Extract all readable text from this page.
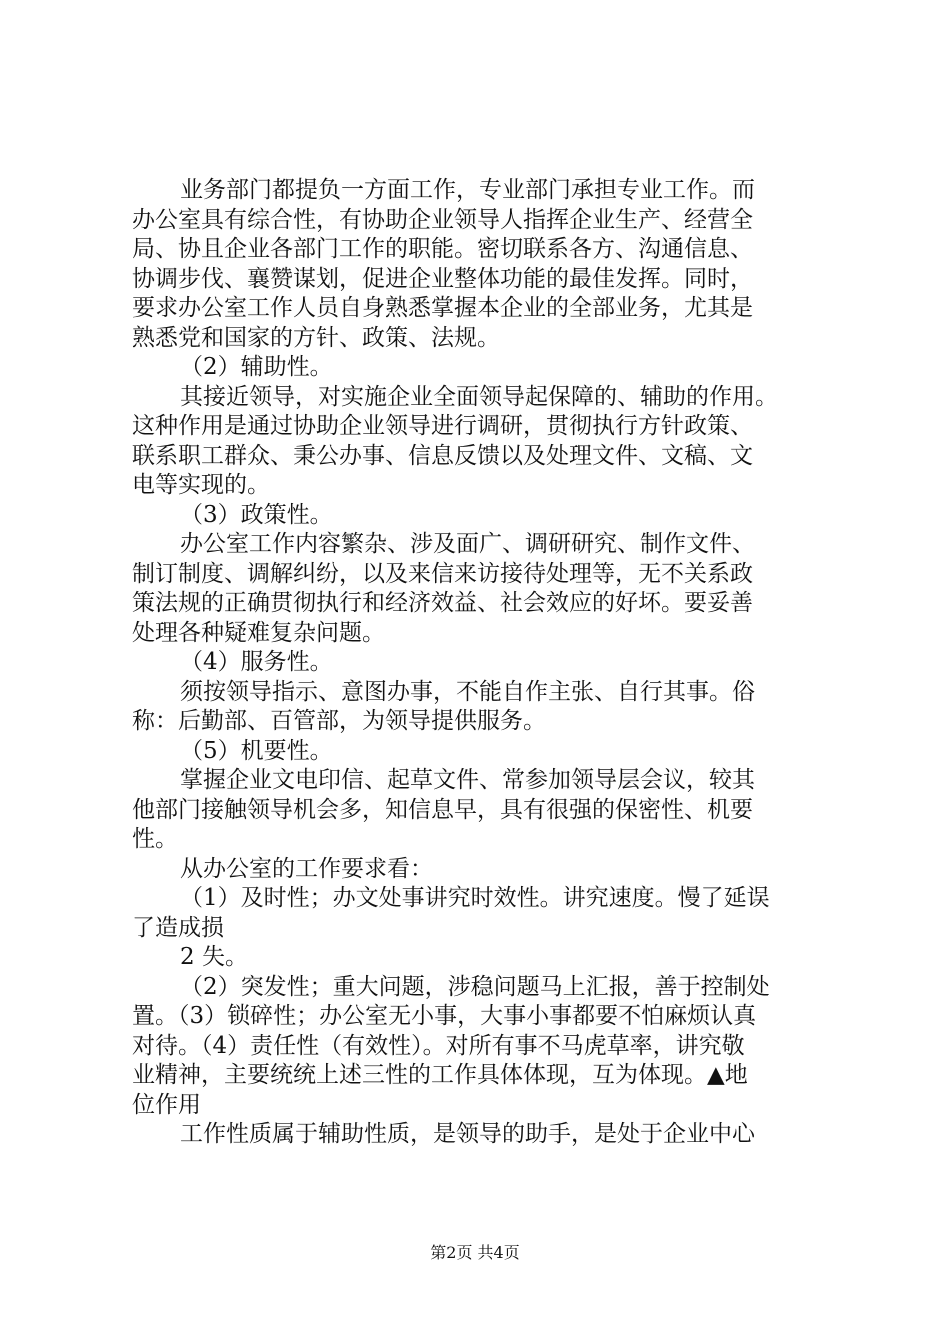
业务部门都提负一方面工作，专业部门承担专业工作。而
办公室具有综合性，有协助企业领导人指挥企业生产、经营全
局、协且企业各部门工作的职能。密切联系各方、沟通信息、
协调步伐、襄赞谋划，促进企业整体功能的最佳发挥。同时，
要求办公室工作人员自身熟悉掌握本企业的全部业务，尤其是
熟悉党和国家的方针、政策、法规。
（2）辅助性。
其接近领导，对实施企业全面领导起保障的、辅助的作用。
这种作用是通过协助企业领导进行调研，贯彻执行方针政策、
联系职工群众、秉公办事、信息反馈以及处理文件、文稿、文
电等实现的。
（3）政策性。
办公室工作内容繁杂、涉及面广、调研研究、制作文件、
制订制度、调解纠纷，以及来信来访接待处理等，无不关系政
策法规的正确贯彻执行和经济效益、社会效应的好坏。要妥善
处理各种疑难复杂问题。
（4）服务性。
须按领导指示、意图办事，不能自作主张、自行其事。俗
称：后勤部、百管部，为领导提供服务。
（5）机要性。
掌握企业文电印信、起草文件、常参加领导层会议，较其
他部门接触领导机会多，知信息早，具有很强的保密性、机要
性。
从办公室的工作要求看：
（1）及时性；办文处事讲究时效性。讲究速度。慢了延误
了造成损
2 失。
（2）突发性；重大问题，涉稳问题马上汇报，善于控制处
置。（3）锁碎性；办公室无小事，大事小事都要不怕麻烦认真
对待。（4）责任性（有效性）。对所有事不马虎草率，讲究敬
业精神，主要统统上述三性的工作具体体现，互为体现。▲地
位作用
工作性质属于辅助性质，是领导的助手，是处于企业中心
第2页 共4页
